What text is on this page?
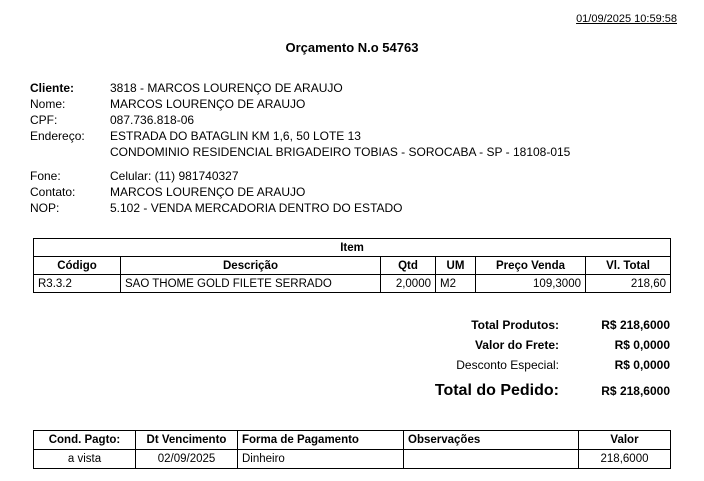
01/09/2025 10:59:58
Orçamento N.o 54763
Cliente:	3818 - MARCOS LOURENÇO DE ARAUJO
Nome:	MARCOS LOURENÇO DE ARAUJO
CPF:	087.736.818-06
Endereço:	ESTRADA DO BATAGLIN KM 1,6, 50 LOTE 13
CONDOMINIO RESIDENCIAL BRIGADEIRO TOBIAS - SOROCABA - SP - 18108-015
Fone:	Celular: (11) 981740327
Contato:	MARCOS LOURENÇO DE ARAUJO
NOP:	5.102 - VENDA MERCADORIA DENTRO DO ESTADO
Item					
Código	Descrição	Qtd	UM	Preço Venda	Vl. Total
R3.3.2	SAO THOME GOLD FILETE SERRADO	2,0000	M2	109,3000	218,60
Total Produtos:	R$ 218,6000
Valor do Frete:	R$ 0,0000
Desconto Especial:	R$ 0,0000
Total do Pedido:	R$ 218,6000
Cond. Pagto:	Dt Vencimento	Forma de Pagamento	Observações	Valor
a vista	02/09/2025	Dinheiro		218,6000
